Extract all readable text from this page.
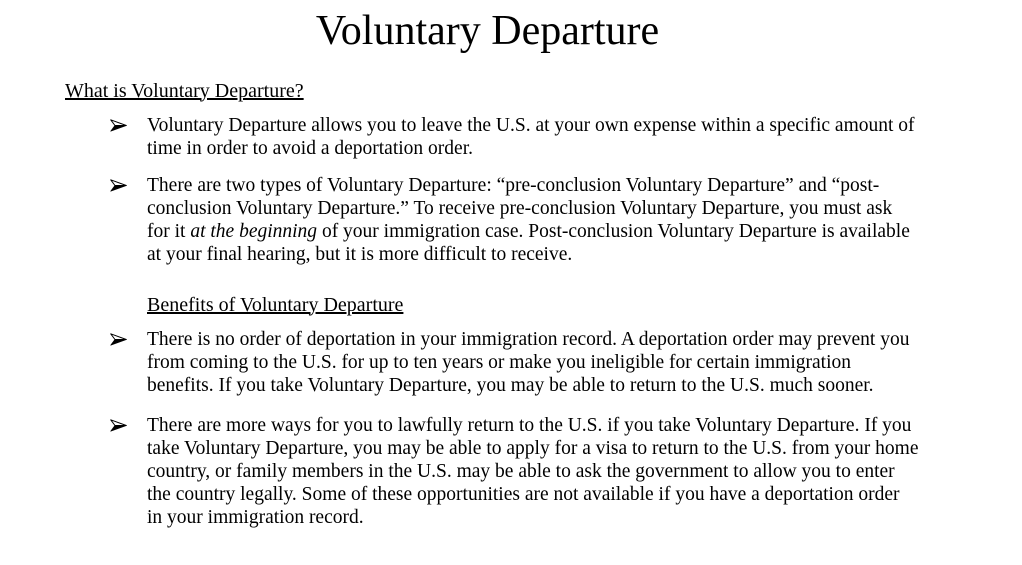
Voluntary Departure
What is Voluntary Departure?
Voluntary Departure allows you to leave the U.S. at your own expense within a specific amount of time in order to avoid a deportation order.
There are two types of Voluntary Departure: “pre-conclusion Voluntary Departure” and “post-conclusion Voluntary Departure.” To receive pre-conclusion Voluntary Departure, you must ask for it at the beginning of your immigration case. Post-conclusion Voluntary Departure is available at your final hearing, but it is more difficult to receive.
Benefits of Voluntary Departure
There is no order of deportation in your immigration record. A deportation order may prevent you from coming to the U.S. for up to ten years or make you ineligible for certain immigration benefits. If you take Voluntary Departure, you may be able to return to the U.S. much sooner.
There are more ways for you to lawfully return to the U.S. if you take Voluntary Departure. If you take Voluntary Departure, you may be able to apply for a visa to return to the U.S. from your home country, or family members in the U.S. may be able to ask the government to allow you to enter the country legally. Some of these opportunities are not available if you have a deportation order in your immigration record.
